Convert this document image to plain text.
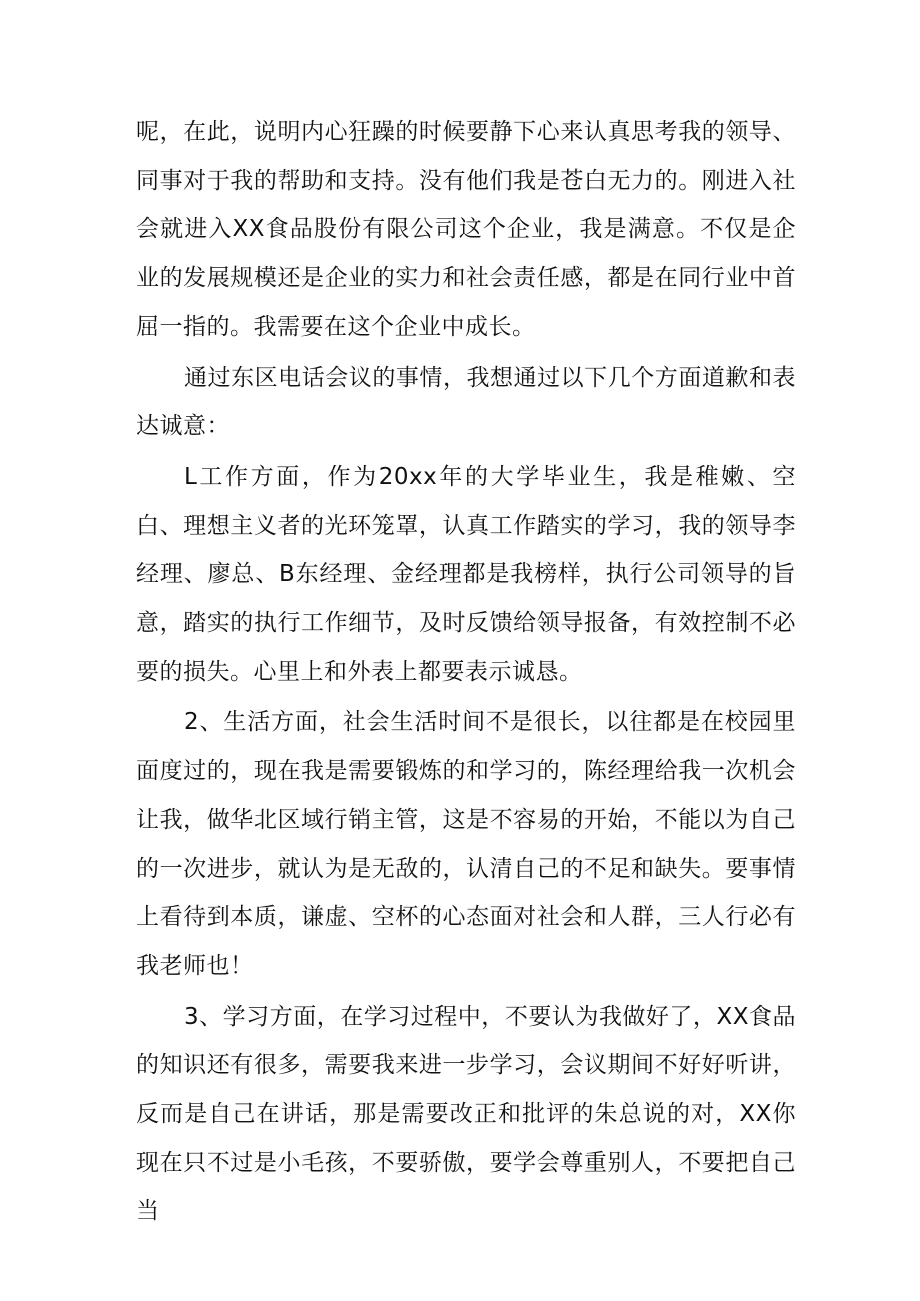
呢，在此，说明内心狂躁的时候要静下心来认真思考我的领导、同事对于我的帮助和支持。没有他们我是苍白无力的。刚进入社会就进入XX食品股份有限公司这个企业，我是满意。不仅是企业的发展规模还是企业的实力和社会责任感，都是在同行业中首屈一指的。我需要在这个企业中成长。

通过东区电话会议的事情，我想通过以下几个方面道歉和表达诚意：

L工作方面，作为20xx年的大学毕业生，我是稚嫩、空白、理想主义者的光环笼罩，认真工作踏实的学习，我的领导李经理、廖总、B东经理、金经理都是我榜样，执行公司领导的旨意，踏实的执行工作细节，及时反馈给领导报备，有效控制不必要的损失。心里上和外表上都要表示诚恳。

2、生活方面，社会生活时间不是很长，以往都是在校园里面度过的，现在我是需要锻炼的和学习的，陈经理给我一次机会让我，做华北区域行销主管，这是不容易的开始，不能以为自己的一次进步，就认为是无敌的，认清自己的不足和缺失。要事情上看待到本质，谦虚、空杯的心态面对社会和人群，三人行必有我老师也！

3、学习方面，在学习过程中，不要认为我做好了，XX食品的知识还有很多，需要我来进一步学习，会议期间不好好听讲，反而是自己在讲话，那是需要改正和批评的朱总说的对，XX你现在只不过是小毛孩，不要骄傲，要学会尊重别人，不要把自己当
